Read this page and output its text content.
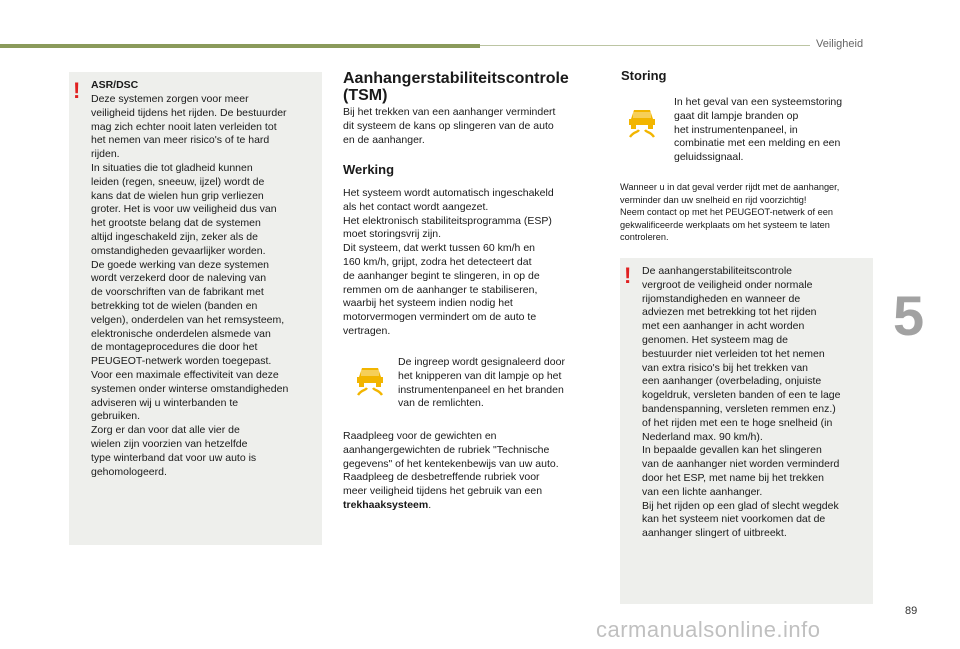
Veiligheid
! ASR/DSC
Deze systemen zorgen voor meer
veiligheid tijdens het rijden. De bestuurder
mag zich echter nooit laten verleiden tot
het nemen van meer risico's of te hard
rijden.
In situaties die tot gladheid kunnen
leiden (regen, sneeuw, ijzel) wordt de
kans dat de wielen hun grip verliezen
groter. Het is voor uw veiligheid dus van
het grootste belang dat de systemen
altijd ingeschakeld zijn, zeker als de
omstandigheden gevaarlijker worden.
De goede werking van deze systemen
wordt verzekerd door de naleving van
de voorschriften van de fabrikant met
betrekking tot de wielen (banden en
velgen), onderdelen van het remsysteem,
elektronische onderdelen alsmede van
de montageprocedures die door het
PEUGEOT-netwerk worden toegepast.
Voor een maximale effectiviteit van deze
systemen onder winterse omstandigheden
adviseren wij u winterbanden te
gebruiken.
Zorg er dan voor dat alle vier de
wielen zijn voorzien van hetzelfde
type winterband dat voor uw auto is
gehomologeerd.
Aanhangerstabiliteitscontrole
(TSM)
Bij het trekken van een aanhanger vermindert
dit systeem de kans op slingeren van de auto
en de aanhanger.
Werking
Het systeem wordt automatisch ingeschakeld
als het contact wordt aangezet.
Het elektronisch stabiliteitsprogramma (ESP)
moet storingsvrij zijn.
Dit systeem, dat werkt tussen 60 km/h en
160 km/h, grijpt, zodra het detecteert dat
de aanhanger begint te slingeren, in op de
remmen om de aanhanger te stabiliseren,
waarbij het systeem indien nodig het
motorvermogen vermindert om de auto te
vertragen.
De ingreep wordt gesignaleerd door
het knipperen van dit lampje op het
instrumentenpaneel en het branden
van de remlichten.
Raadpleeg voor de gewichten en
aanhangergewichten de rubriek "Technische
gegevens" of het kentekenbewijs van uw auto.
Raadpleeg de desbetreffende rubriek voor
meer veiligheid tijdens het gebruik van een
trekhaaksysteem.
Storing
In het geval van een systeemstoring
gaat dit lampje branden op
het instrumentenpaneel, in
combinatie met een melding en een
geluidssignaal.
Wanneer u in dat geval verder rijdt met de aanhanger,
verminder dan uw snelheid en rijd voorzichtig!
Neem contact op met het PEUGEOT-netwerk of een
gekwalificeerde werkplaats om het systeem te laten
controleren.
! De aanhangerstabiliteitscontrole
vergroot de veiligheid onder normale
rijomstandigheden en wanneer de
adviezen met betrekking tot het rijden
met een aanhanger in acht worden
genomen. Het systeem mag de
bestuurder niet verleiden tot het nemen
van extra risico's bij het trekken van
een aanhanger (overbelading, onjuiste
kogeldruk, versleten banden of een te lage
bandenspanning, versleten remmen enz.)
of het rijden met een te hoge snelheid (in
Nederland max. 90 km/h).
In bepaalde gevallen kan het slingeren
van de aanhanger niet worden verminderd
door het ESP, met name bij het trekken
van een lichte aanhanger.
Bij het rijden op een glad of slecht wegdek
kan het systeem niet voorkomen dat de
aanhanger slingert of uitbreekt.
5
89
carmanualsonline.info
